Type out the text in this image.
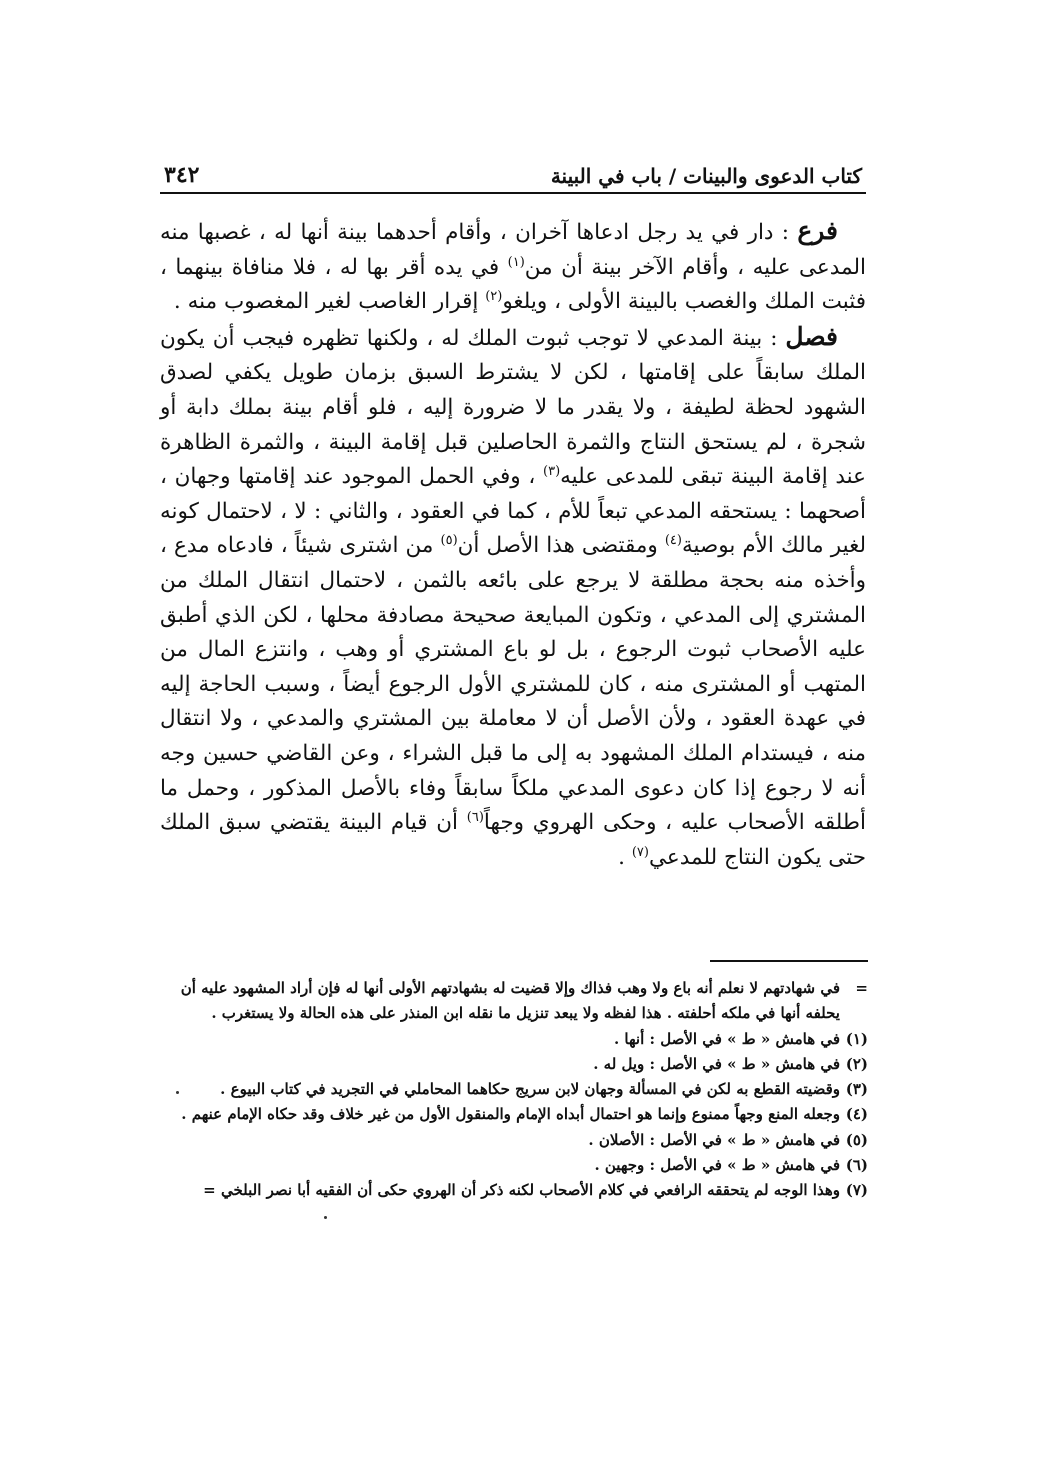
كتاب الدعوى والبينات / باب في البينة
٣٤٢

فرع : دار في يد رجل ادعاها آخران ، وأقام أحدهما بينة أنها له ، غصبها منه المدعى عليه ، وأقام الآخر بينة أن من$^{(١)}$ في يده أقر بها له ، فلا منافاة بينهما ، فثبت الملك والغصب بالبينة الأولى ، ويلغو$^{(٢)}$ إقرار الغاصب لغير المغصوب منه .

فصل : بينة المدعي لا توجب ثبوت الملك له ، ولكنها تظهره فيجب أن يكون الملك سابقاً على إقامتها ، لكن لا يشترط السبق بزمان طويل يكفي لصدق الشهود لحظة لطيفة ، ولا يقدر ما لا ضرورة إليه ، فلو أقام بينة بملك دابة أو شجرة ، لم يستحق النتاج والثمرة الحاصلين قبل إقامة البينة ، والثمرة الظاهرة عند إقامة البينة تبقى للمدعى عليه$^{(٣)}$ ، وفي الحمل الموجود عند إقامتها وجهان ، أصحهما : يستحقه المدعي تبعاً للأم ، كما في العقود ، والثاني : لا ، لاحتمال كونه لغير مالك الأم بوصية$^{(٤)}$ ومقتضى هذا الأصل أن$^{(٥)}$ من اشترى شيئاً ، فادعاه مدع ، وأخذه منه بحجة مطلقة لا يرجع على بائعه بالثمن ، لاحتمال انتقال الملك من المشتري إلى المدعي ، وتكون المبايعة صحيحة مصادفة محلها ، لكن الذي أطبق عليه الأصحاب ثبوت الرجوع ، بل لو باع المشتري أو وهب ، وانتزع المال من المتهب أو المشترى منه ، كان للمشتري الأول الرجوع أيضاً ، وسبب الحاجة إليه في عهدة العقود ، ولأن الأصل أن لا معاملة بين المشتري والمدعي ، ولا انتقال منه ، فيستدام الملك المشهود به إلى ما قبل الشراء ، وعن القاضي حسين وجه أنه لا رجوع إذا كان دعوى المدعي ملكاً سابقاً وفاء بالأصل المذكور ، وحمل ما أطلقه الأصحاب عليه ، وحكى الهروي وجهاً$^{(٦)}$ أن قيام البينة يقتضي سبق الملك حتى يكون النتاج للمدعي$^{(٧)}$ .

=
في شهادتهم لا نعلم أنه باع ولا وهب فذاك وإلا قضيت له بشهادتهم الأولى أنها له فإن أراد المشهود عليه أن يحلفه أنها في ملكه أحلفته . هذا لفظه ولا يبعد تنزيل ما نقله ابن المنذر على هذه الحالة ولا يستغرب .

(١)
في هامش « ط » في الأصل : أنها .

(٢)
في هامش « ط » في الأصل : ويل له .

(٣)
وقضيته القطع به لكن في المسألة وجهان لابن سريج حكاهما المحاملي في التجريد في كتاب البيوع .

(٤)
وجعله المنع وجهاً ممنوع وإنما هو احتمال أبداه الإمام والمنقول الأول من غير خلاف وقد حكاه الإمام عنهم .

(٥)
في هامش « ط » في الأصل : الأصلان .

(٦)
في هامش « ط » في الأصل : وجهين .

(٧)
وهذا الوجه لم يتحققه الرافعي في كلام الأصحاب لكنه ذكر أن الهروي حكى أن الفقيه أبا نصر البلخي =
